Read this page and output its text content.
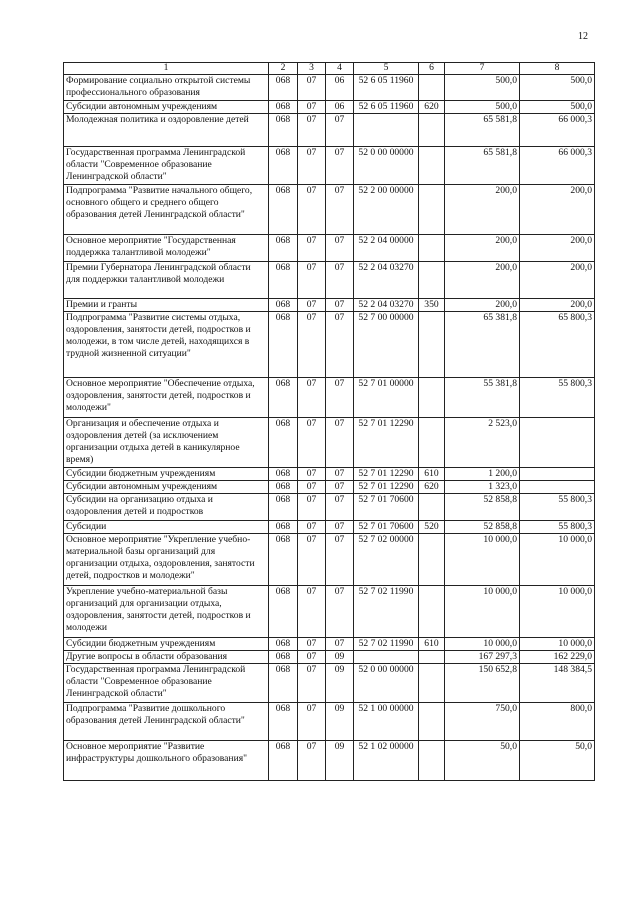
12
1	2	3	4	5	6	7	8
Формирование социально открытой системы профессионального образования	068	07	06	52 6 05 11960		500,0	500,0
Субсидии автономным учреждениям	068	07	06	52 6 05 11960	620	500,0	500,0
Молодежная политика и оздоровление детей	068	07	07			65 581,8	66 000,3
Государственная программа Ленинградской области "Современное образование Ленинградской области"	068	07	07	52 0 00 00000		65 581,8	66 000,3
Подпрограмма "Развитие начального общего, основного общего и среднего общего образования детей Ленинградской области"	068	07	07	52 2 00 00000		200,0	200,0
Основное мероприятие "Государственная поддержка талантливой молодежи"	068	07	07	52 2 04 00000		200,0	200,0
Премии Губернатора Ленинградской области для поддержки талантливой молодежи	068	07	07	52 2 04 03270		200,0	200,0
Премии и гранты	068	07	07	52 2 04 03270	350	200,0	200,0
Подпрограмма "Развитие системы отдыха, оздоровления, занятости детей, подростков и молодежи, в том числе детей, находящихся в трудной жизненной ситуации"	068	07	07	52 7 00 00000		65 381,8	65 800,3
Основное мероприятие "Обеспечение отдыха, оздоровления, занятости детей, подростков и молодежи"	068	07	07	52 7 01 00000		55 381,8	55 800,3
Организация и обеспечение отдыха и оздоровления детей (за исключением организации отдыха детей в каникулярное время)	068	07	07	52 7 01 12290		2 523,0	
Субсидии бюджетным учреждениям	068	07	07	52 7 01 12290	610	1 200,0	
Субсидии автономным учреждениям	068	07	07	52 7 01 12290	620	1 323,0	
Субсидии на организацию отдыха и оздоровления детей и подростков	068	07	07	52 7 01 70600		52 858,8	55 800,3
Субсидии	068	07	07	52 7 01 70600	520	52 858,8	55 800,3
Основное мероприятие "Укрепление учебно-материальной базы организаций для организации отдыха, оздоровления, занятости детей, подростков и молодежи"	068	07	07	52 7 02 00000		10 000,0	10 000,0
Укрепление учебно-материальной базы организаций для организации отдыха, оздоровления, занятости детей, подростков и молодежи	068	07	07	52 7 02 11990		10 000,0	10 000,0
Субсидии бюджетным учреждениям	068	07	07	52 7 02 11990	610	10 000,0	10 000,0
Другие вопросы в области образования	068	07	09			167 297,3	162 229,0
Государственная программа Ленинградской области "Современное образование Ленинградской области"	068	07	09	52 0 00 00000		150 652,8	148 384,5
Подпрограмма "Развитие дошкольного образования детей Ленинградской области"	068	07	09	52 1 00 00000		750,0	800,0
Основное мероприятие "Развитие инфраструктуры дошкольного образования"	068	07	09	52 1 02 00000		50,0	50,0
